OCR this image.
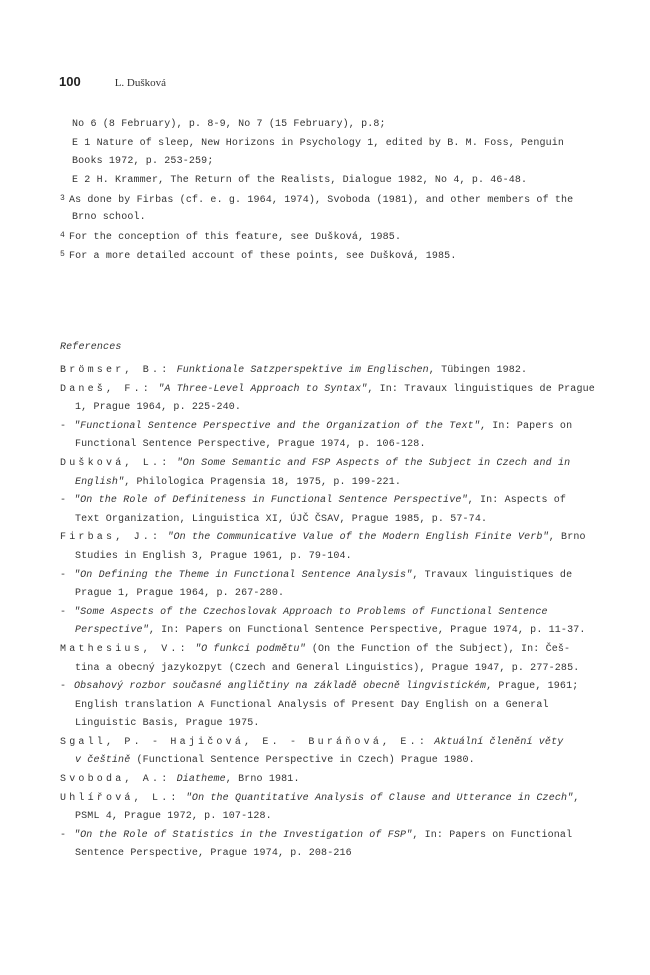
100	L. Dušková
No 6 (8 February), p. 8-9, No 7 (15 February), p.8;
E 1 Nature of sleep, New Horizons in Psychology 1, edited by B. M. Foss, Penguin
Books 1972, p. 253-259;
E 2 H. Krammer, The Return of the Realists, Dialogue 1982, No 4, p. 46-48.
$^3$ As done by Firbas (cf. e. g. 1964, 1974), Svoboda (1981), and other members of the
Brno school.
$^4$ For the conception of this feature, see Dušková, 1985.
$^5$ For a more detailed account of these points, see Dušková, 1985.
References
Brömser, B.: Funktionale Satzperspektive im Englischen, Tübingen 1982.
Daneš, F.: "A Three-Level Approach to Syntax", In: Travaux linguistiques de Prague
1, Prague 1964, p. 225-240.
- "Functional Sentence Perspective and the Organization of the Text", In: Papers on
Functional Sentence Perspective, Prague 1974, p. 106-128.
Dušková, L.: "On Some Semantic and FSP Aspects of the Subject in Czech and in
English", Philologica Pragensia 18, 1975, p. 199-221.
- "On the Role of Definiteness in Functional Sentence Perspective", In: Aspects of
Text Organization, Linguistica XI, ÚJČ ČSAV, Prague 1985, p. 57-74.
Firbas, J.: "On the Communicative Value of the Modern English Finite Verb", Brno
Studies in English 3, Prague 1961, p. 79-104.
- "On Defining the Theme in Functional Sentence Analysis", Travaux linguistiques de
Prague 1, Prague 1964, p. 267-280.
- "Some Aspects of the Czechoslovak Approach to Problems of Functional Sentence
Perspective", In: Papers on Functional Sentence Perspective, Prague 1974, p. 11-37.
Mathesius, V.: "O funkci podmětu" (On the Function of the Subject), In: Češ-
tina a obecný jazykozpyt (Czech and General Linguistics), Prague 1947, p. 277-285.
- Obsahový rozbor současné angličtiny na základě obecně lingvistickém, Prague, 1961;
English translation A Functional Analysis of Present Day English on a General
Linguistic Basis, Prague 1975.
Sgall, P. - Hajičová, E. - Buráňová, E.: Aktuální členění věty
v češtině (Functional Sentence Perspective in Czech) Prague 1980.
Svoboda, A.: Diatheme, Brno 1981.
Uhlířová, L.: "On the Quantitative Analysis of Clause and Utterance in Czech",
PSML 4, Prague 1972, p. 107-128.
- "On the Role of Statistics in the Investigation of FSP", In: Papers on Functional
Sentence Perspective, Prague 1974, p. 208-216
